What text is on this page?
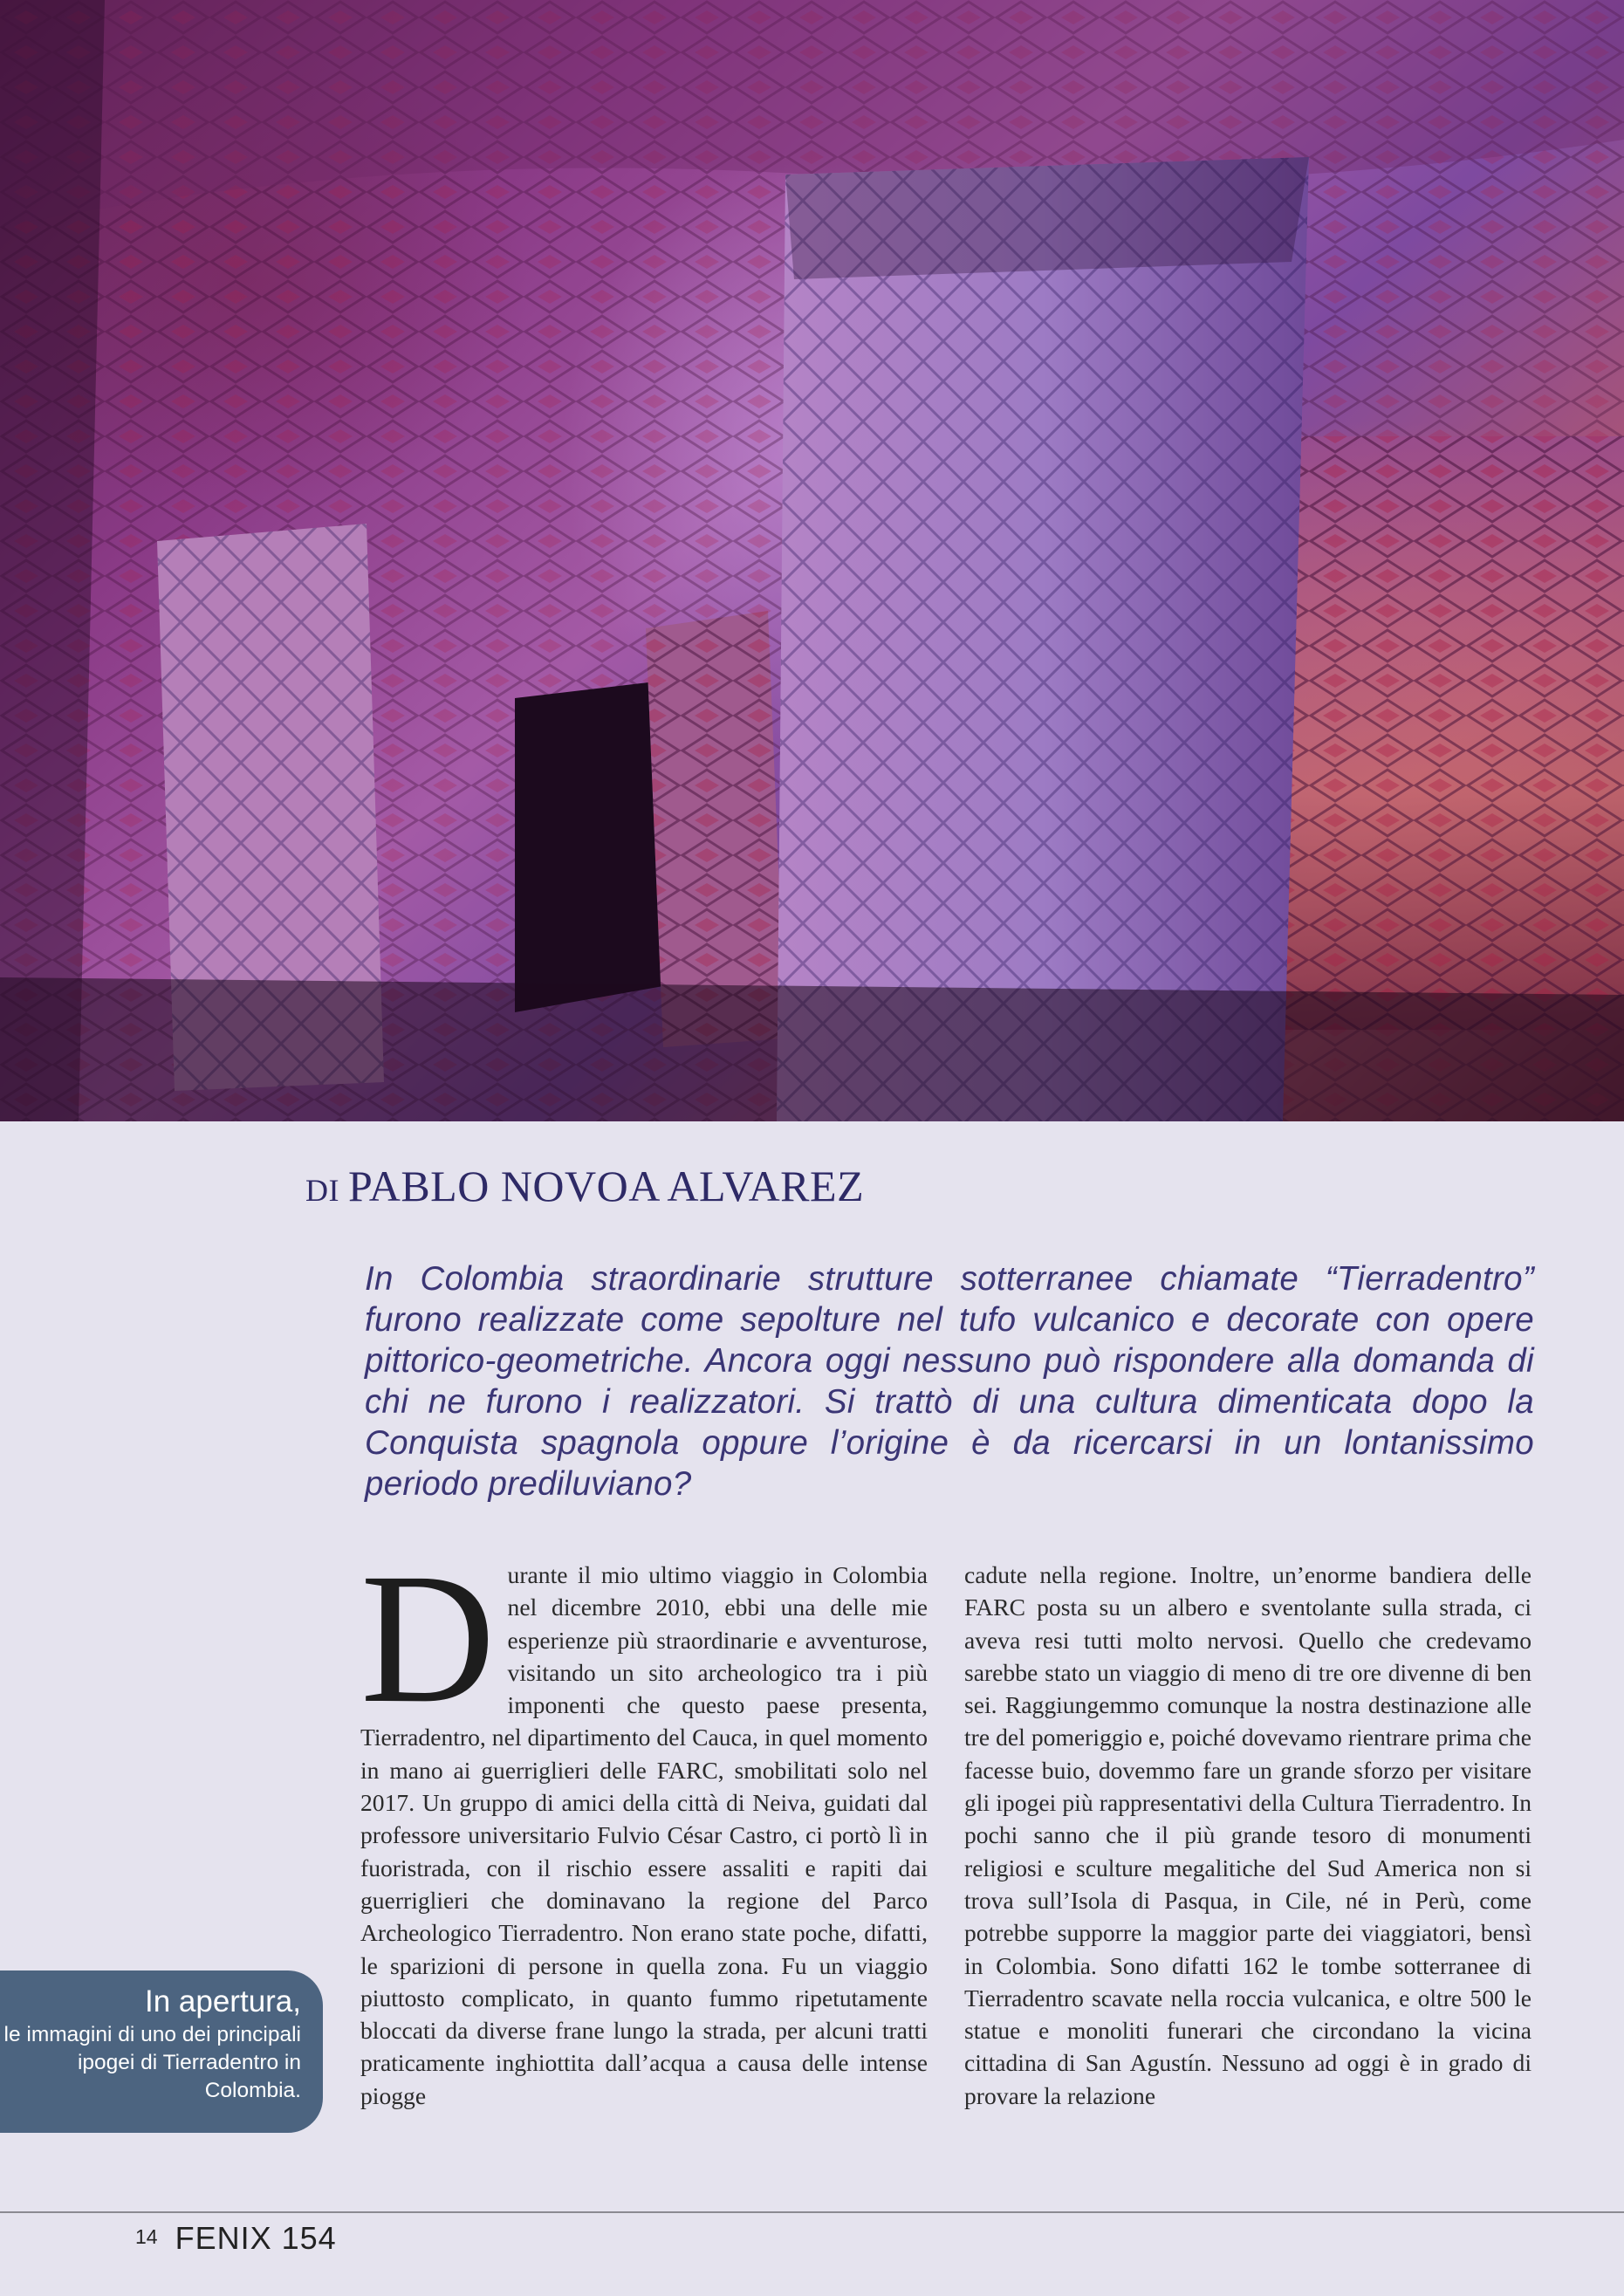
DI PABLO NOVOA ALVAREZ
In Colombia straordinarie strutture sotterranee chiamate “Tierradentro” furono realizzate come sepolture nel tufo vulcanico e decorate con opere pittorico-geometriche. Ancora oggi nessuno può rispondere alla domanda di chi ne furono i realizzatori. Si trattò di una cultura dimenticata dopo la Conquista spagnola oppure l’origine è da ricercarsi in un lontanissimo periodo prediluviano?
Durante il mio ultimo viaggio in Colombia nel dicembre 2010, ebbi una delle mie esperienze più straordinarie e avventurose, visitando un sito archeologico tra i più imponenti che questo paese presenta, Tierradentro, nel dipartimento del Cauca, in quel momento in mano ai guerriglieri delle FARC, smobilitati solo nel 2017. Un gruppo di amici della città di Neiva, guidati dal professore universitario Fulvio César Castro, ci portò lì in fuoristrada, con il rischio essere assaliti e rapiti dai guerriglieri che dominavano la regione del Parco Archeologico Tierradentro. Non erano state poche, difatti, le sparizioni di persone in quella zona. Fu un viaggio piuttosto complicato, in quanto fummo ripetutamente bloccati da diverse frane lungo la strada, per alcuni tratti praticamente inghiottita dall’acqua a causa delle intense piogge
cadute nella regione. Inoltre, un’enorme bandiera delle FARC posta su un albero e sventolante sulla strada, ci aveva resi tutti molto nervosi. Quello che credevamo sarebbe stato un viaggio di meno di tre ore divenne di ben sei. Raggiungemmo comunque la nostra destinazione alle tre del pomeriggio e, poiché dovevamo rientrare prima che facesse buio, dovemmo fare un grande sforzo per visitare gli ipogei più rappresentativi della Cultura Tierradentro. In pochi sanno che il più grande tesoro di monumenti religiosi e sculture megalitiche del Sud America non si trova sull’Isola di Pasqua, in Cile, né in Perù, come potrebbe supporre la maggior parte dei viaggiatori, bensì in Colombia. Sono difatti 162 le tombe sotterranee di Tierradentro scavate nella roccia vulcanica, e oltre 500 le statue e monoliti funerari che circondano la vicina cittadina di San Agustín. Nessuno ad oggi è in grado di provare la relazione
In apertura,
le immagini di uno dei principali ipogei di Tierradentro in Colombia.
14 FENIX 154
